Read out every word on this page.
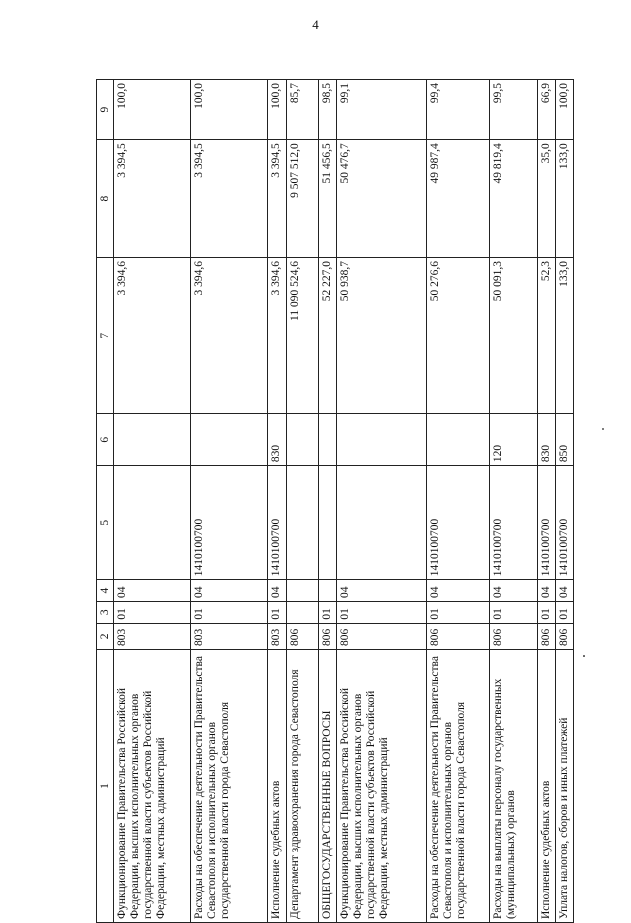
4
1	2	3	4	5	6	7	8	9
Функционирование Правительства Российской Федерации, высших исполнительных органов государственной власти субъектов Российской Федерации, местных администраций	803	01	04			3 394,6	3 394,5	100,0
Расходы на обеспечение деятельности Правительства Севастополя и исполнительных органов государственной власти города Севастополя	803	01	04	1410100700		3 394,6	3 394,5	100,0
Исполнение судебных актов	803	01	04	1410100700	830	3 394,6	3 394,5	100,0
Департамент здравоохранения города Севастополя	806					11 090 524,6	9 507 512,0	85,7
ОБЩЕГОСУДАРСТВЕННЫЕ ВОПРОСЫ	806	01				52 227,0	51 456,5	98,5
Функционирование Правительства Российской Федерации, высших исполнительных органов государственной власти субъектов Российской Федерации, местных администраций	806	01	04			50 938,7	50 476,7	99,1
Расходы на обеспечение деятельности Правительства Севастополя и исполнительных органов государственной власти города Севастополя	806	01	04	1410100700		50 276,6	49 987,4	99,4
Расходы на выплаты персоналу государственных (муниципальных) органов	806	01	04	1410100700	120	50 091,3	49 819,4	99,5
Исполнение судебных актов	806	01	04	1410100700	830	52,3	35,0	66,9
Уплата налогов, сборов и иных платежей	806	01	04	1410100700	850	133,0	133,0	100,0
